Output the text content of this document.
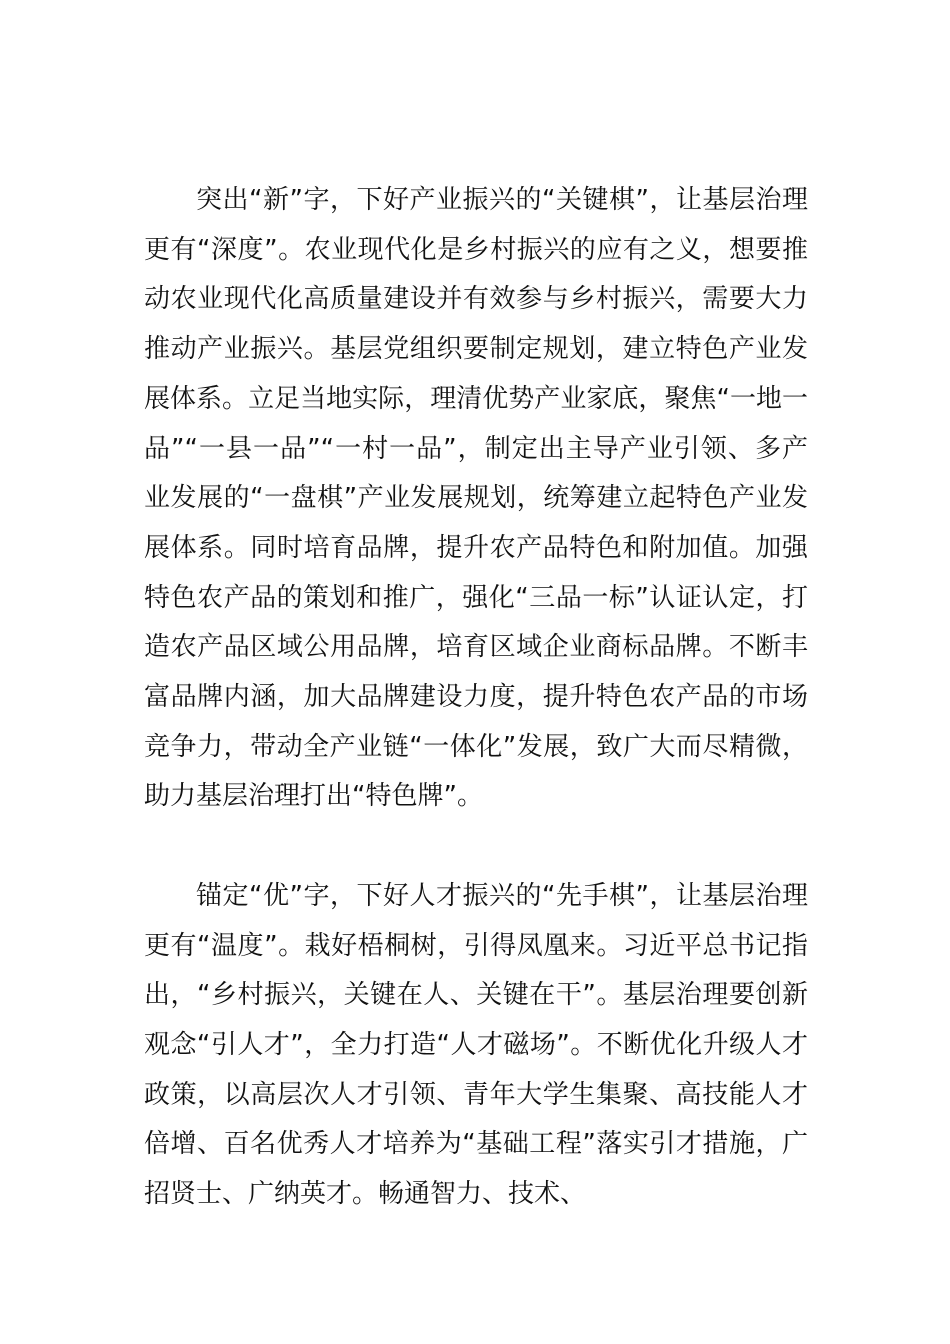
突出“新”字，下好产业振兴的“关键棋”，让基层治理更有“深度”。农业现代化是乡村振兴的应有之义，想要推动农业现代化高质量建设并有效参与乡村振兴，需要大力推动产业振兴。基层党组织要制定规划，建立特色产业发展体系。立足当地实际，理清优势产业家底，聚焦“一地一品”“一县一品”“一村一品”，制定出主导产业引领、多产业发展的“一盘棋”产业发展规划，统筹建立起特色产业发展体系。同时培育品牌，提升农产品特色和附加值。加强特色农产品的策划和推广，强化“三品一标”认证认定，打造农产品区域公用品牌，培育区域企业商标品牌。不断丰富品牌内涵，加大品牌建设力度，提升特色农产品的市场竞争力，带动全产业链“一体化”发展，致广大而尽精微，助力基层治理打出“特色牌”。

锚定“优”字，下好人才振兴的“先手棋”，让基层治理更有“温度”。栽好梧桐树，引得凤凰来。习近平总书记指出，“乡村振兴，关键在人、关键在干”。基层治理要创新观念“引人才”，全力打造“人才磁场”。不断优化升级人才政策，以高层次人才引领、青年大学生集聚、高技能人才倍增、百名优秀人才培养为“基础工程”落实引才措施，广招贤士、广纳英才。畅通智力、技术、
